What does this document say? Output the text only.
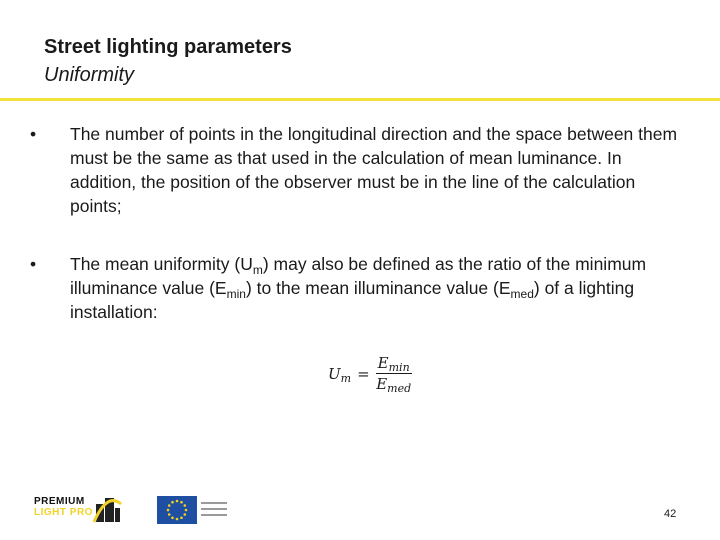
Street lighting parameters
Uniformity
•	The number of points in the longitudinal direction and the space between them must be the same as that used in the calculation of mean luminance. In addition, the position of the observer must be in the line of the calculation points;
•	The mean uniformity $(U_m)$ may also be defined as the ratio of the minimum illuminance value $(E_{min})$ to the mean illuminance value $(E_{med})$ of a lighting installation:
$U_m = \frac{E_{min}}{E_{med}}$
PREMIUM
LIGHT PRO	42
